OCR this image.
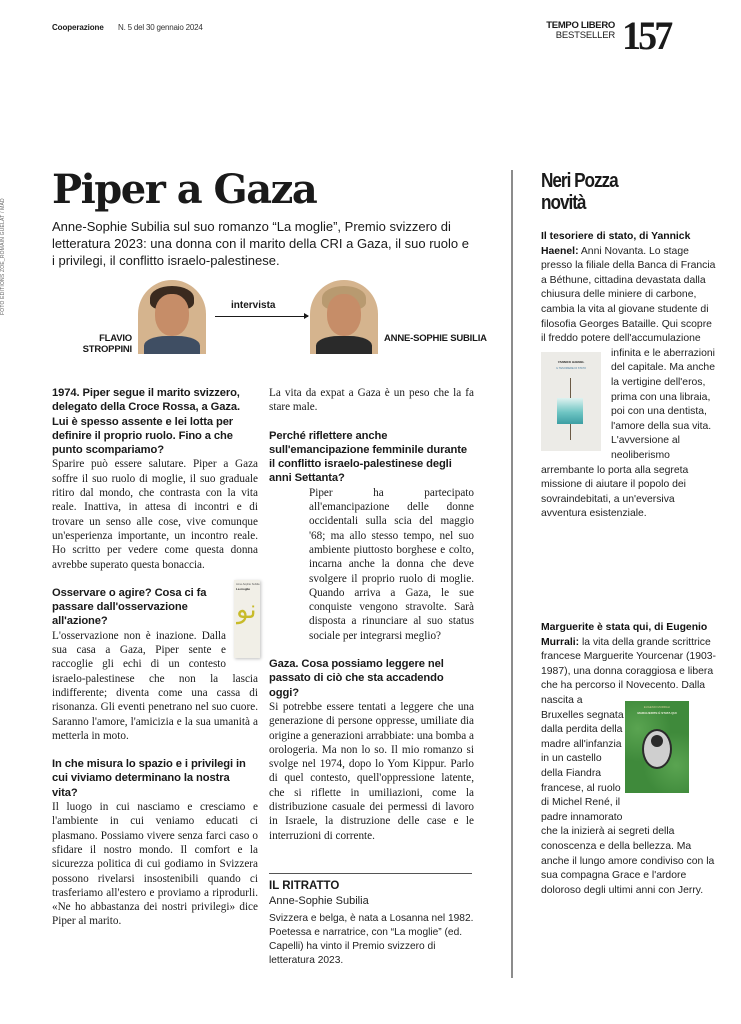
Cooperazione N. 5 del 30 gennaio 2024	TEMPO LIBERO
BESTSELLER 157
FOTO EDITIONS ZOÉ_ROMAIN GUÉLAT / MAD
Piper a Gaza

Anne-Sophie Subilia sul suo romanzo “La moglie”, Premio svizzero di letteratura 2023: una donna con il marito della CRI a Gaza, il suo ruolo e i privilegi, il conflitto israelo-palestinese.

FLAVIO STROPPINI
intervista
ANNE-SOPHIE SUBILIA
1974. Piper segue il marito svizzero, delegato della Croce Rossa, a Gaza. Lui è spesso assente e lei lotta per definire il proprio ruolo. Fino a che punto scompariamo?

Sparire può essere salutare. Piper a Gaza soffre il suo ruolo di moglie, il suo graduale ritiro dal mondo, che contrasta con la vita reale. Inattiva, in attesa di incontri e di trovare un senso alle cose, vive comunque un'esperienza importante, un incontro reale. Ho scritto per vedere come questa donna avrebbe superato questa bonaccia.

Osservare o agire? Cosa ci fa passare dall'osservazione all'azione?

L'osservazione non è inazione. Dalla sua casa a Gaza, Piper sente e raccoglie gli echi di un contesto israelo-palestinese che non la lascia indifferente; diventa come una cassa di risonanza. Gli eventi penetrano nel suo cuore. Saranno l'amore, l'amicizia e la sua umanità a metterla in moto.

In che misura lo spazio e i privilegi in cui viviamo determinano la nostra vita?

Il luogo in cui nasciamo e cresciamo e l'ambiente in cui veniamo educati ci plasmano. Possiamo vivere senza farci caso o sfidare il nostro mondo. Il comfort e la sicurezza politica di cui godiamo in Svizzera possono rivelarsi insostenibili quando ci trasferiamo all'estero e proviamo a riprodurli. «Ne ho abbastanza dei nostri privilegi» dice Piper al marito.

Anne-Sophie Subilia
La moglie
نو

La vita da expat a Gaza è un peso che la fa stare male.

Perché riflettere anche sull'emancipazione femminile durante il conflitto israelo-palestinese degli anni Settanta?

Piper ha partecipato all'emancipazione delle donne occidentali sulla scia del maggio '68; ma allo stesso tempo, nel suo ambiente piuttosto borghese e colto, incarna anche la donna che deve svolgere il proprio ruolo di moglie. Quando arriva a Gaza, le sue conquiste vengono stravolte. Sarà disposta a rinunciare al suo status sociale per integrarsi meglio?

Gaza. Cosa possiamo leggere nel passato di ciò che sta accadendo oggi?

Si potrebbe essere tentati a leggere che una generazione di persone oppresse, umiliate dia origine a generazioni arrabbiate: una bomba a orologeria. Ma non lo so. Il mio romanzo si svolge nel 1974, dopo lo Yom Kippur. Parlo di quel contesto, quell'oppressione latente, che si riflette in umiliazioni, come la distribuzione casuale dei permessi di lavoro in Israele, la distruzione delle case e le interruzioni di corrente.

IL RITRATTO
Anne-Sophie Subilia

Svizzera e belga, è nata a Losanna nel 1982. Poetessa e narratrice, con “La moglie” (ed. Capelli) ha vinto il Premio svizzero di letteratura 2023.

Neri Pozza
novità
Il tesoriere di stato, di Yannick Haenel: Anni Novanta. Lo stage presso la filiale della Banca di Francia a Béthune, cittadina devastata dalla chiusura delle miniere di carbone, cambia la vita al giovane studente di filosofia Georges Bataille. Qui scopre il freddo potere dell'accumulazione infinita e le aberrazioni del capitale. Ma anche la vertigine dell'eros, prima con una libraia, poi con una dentista, l'amore della sua vita. L'avversione al neoliberismo arrembante lo porta alla segreta missione di aiutare il popolo dei sovraindebitati, a un'eversiva avventura esistenziale.
YANNICK HAENEL
IL TESORIERE DI STATO
Marguerite è stata qui, di Eugenio Murrali: la vita della grande scrittrice francese Marguerite Yourcenar (1903-1987), una donna coraggiosa e libera che ha percorso il Novecento. Dalla nascita a Bruxelles segnata dalla perdita della madre all'infanzia in un castello della Fiandra francese, al ruolo di Michel René, il padre innamorato che la inizierà ai segreti della conoscenza e della bellezza. Ma anche il lungo amore condiviso con la sua compagna Grace e l'ardore doloroso degli ultimi anni con Jerry.
EUGENIO MURRALI
MARGUERITE È STATA QUI
